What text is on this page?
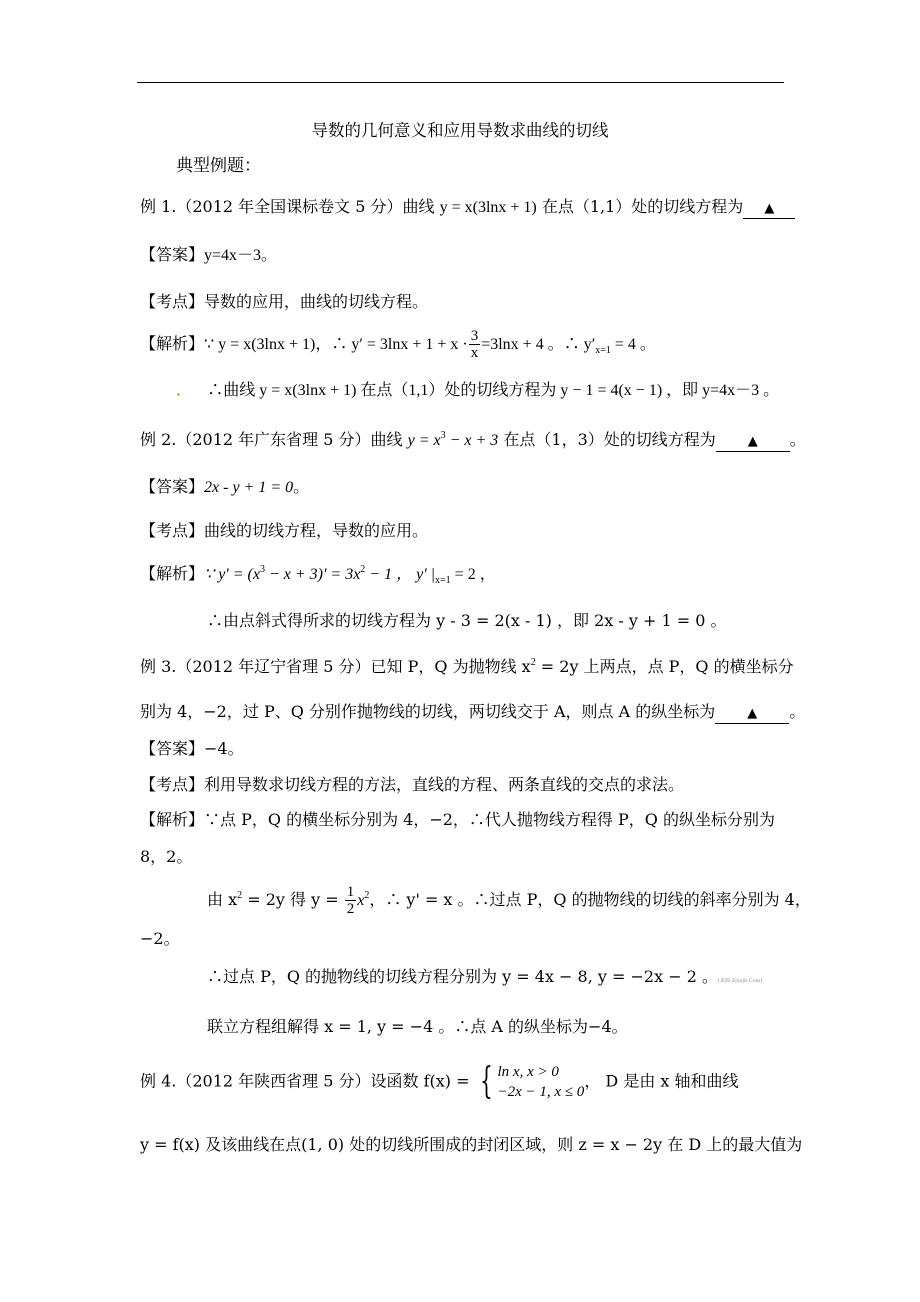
导数的几何意义和应用导数求曲线的切线
典型例题：
例 1.（2012 年全国课标卷文 5 分）曲线 y = x(3lnx + 1) 在点（1,1）处的切线方程为 ▲
【答案】y=4x－3。
【考点】导数的应用，曲线的切线方程。
【解析】∵ y = x(3lnx + 1)，∴ $y' = 3\ln x + 1 + x \cdot \frac{3}{x} =3\ln x + 4$ 。∴ $y'_{x=1} = 4$ 。
． ∴曲线 y = x(3lnx + 1) 在点（1,1）处的切线方程为 y − 1 = 4(x − 1) ，即 y=4x－3 。
例 2.（2012 年广东省理 5 分）曲线 $y = x^3 - x + 3$ 在点（1，3）处的切线方程为 ▲ 。
【答案】2x - y + 1 = 0。
【考点】曲线的切线方程，导数的应用。
【解析】∵ $y' = (x^3 - x + 3)' = 3x^2 - 1$ ， y' $|_{x=1} = 2$ ，
∴由点斜式得所求的切线方程为 y - 3 = 2(x - 1) ，即 2x - y + 1 = 0 。
例 3.（2012 年辽宁省理 5 分）已知 P，Q 为抛物线 $x^2 = 2y$ 上两点，点 P，Q 的横坐标分
别为 4，−2，过 P、Q 分别作抛物线的切线，两切线交于 A，则点 A 的纵坐标为 ▲ 。
【答案】−4。
【考点】利用导数求切线方程的方法，直线的方程、两条直线的交点的求法。
【解析】∵点 P，Q 的横坐标分别为 4，−2，∴代人抛物线方程得 P，Q 的纵坐标分别为
8，2。
由 $x^2 = 2y$ 得 $y = \frac{1}{2} x^2$，∴ y' = x 。∴过点 P，Q 的抛物线的切线的斜率分别为 4，
−2。
∴过点 P，Q 的抛物线的切线方程分别为 y = 4x − 8, y = −2x − 2 。[来源:Z|xx|k.Com]
联立方程组解得 x = 1, y = −4 。∴点 A 的纵坐标为−4。
例 4.（2012 年陕西省理 5 分）设函数 f(x) = { ln x, x > 0
−2x − 1, x ≤ 0
， D 是由 x 轴和曲线
y = f(x) 及该曲线在点(1, 0) 处的切线所围成的封闭区域，则 z = x − 2y 在 D 上的最大值为
